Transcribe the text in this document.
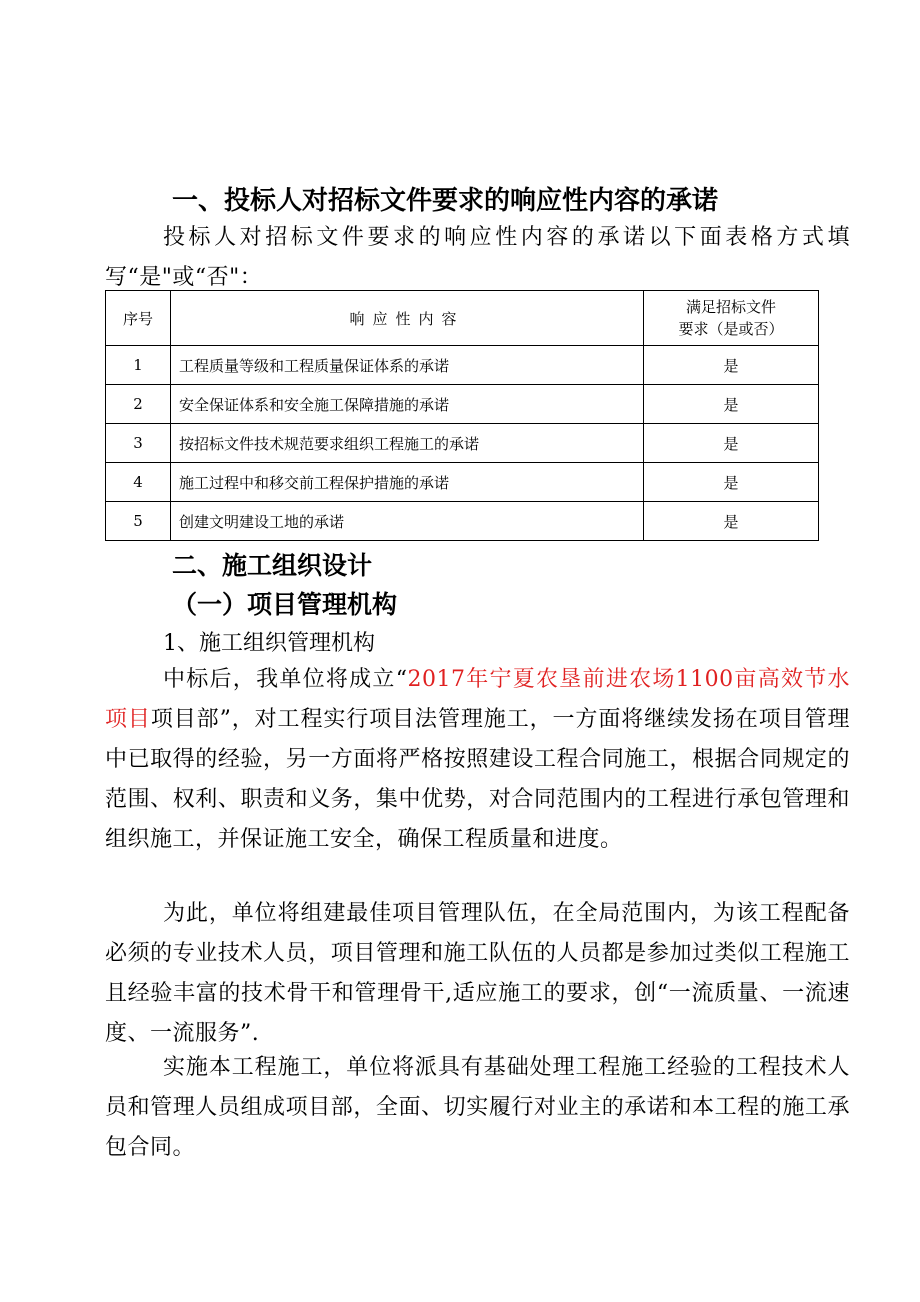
一、投标人对招标文件要求的响应性内容的承诺
投标人对招标文件要求的响应性内容的承诺以下面表格方式填写“是"或“否"：
序号	响应性内容	满足招标文件
要求（是或否）

1	工程质量等级和工程质量保证体系的承诺	是
2	安全保证体系和安全施工保障措施的承诺	是
3	按招标文件技术规范要求组织工程施工的承诺	是
4	施工过程中和移交前工程保护措施的承诺	是
5	创建文明建设工地的承诺	是
二、施工组织设计
（一）项目管理机构
1、施工组织管理机构
中标后，我单位将成立“2017年宁夏农垦前进农场1100亩高效节水项目项目部”，对工程实行项目法管理施工，一方面将继续发扬在项目管理中已取得的经验，另一方面将严格按照建设工程合同施工，根据合同规定的范围、权利、职责和义务，集中优势，对合同范围内的工程进行承包管理和组织施工，并保证施工安全，确保工程质量和进度。
为此，单位将组建最佳项目管理队伍，在全局范围内，为该工程配备必须的专业技术人员，项目管理和施工队伍的人员都是参加过类似工程施工且经验丰富的技术骨干和管理骨干,适应施工的要求，创“一流质量、一流速度、一流服务”.
实施本工程施工，单位将派具有基础处理工程施工经验的工程技术人员和管理人员组成项目部，全面、切实履行对业主的承诺和本工程的施工承包合同。
